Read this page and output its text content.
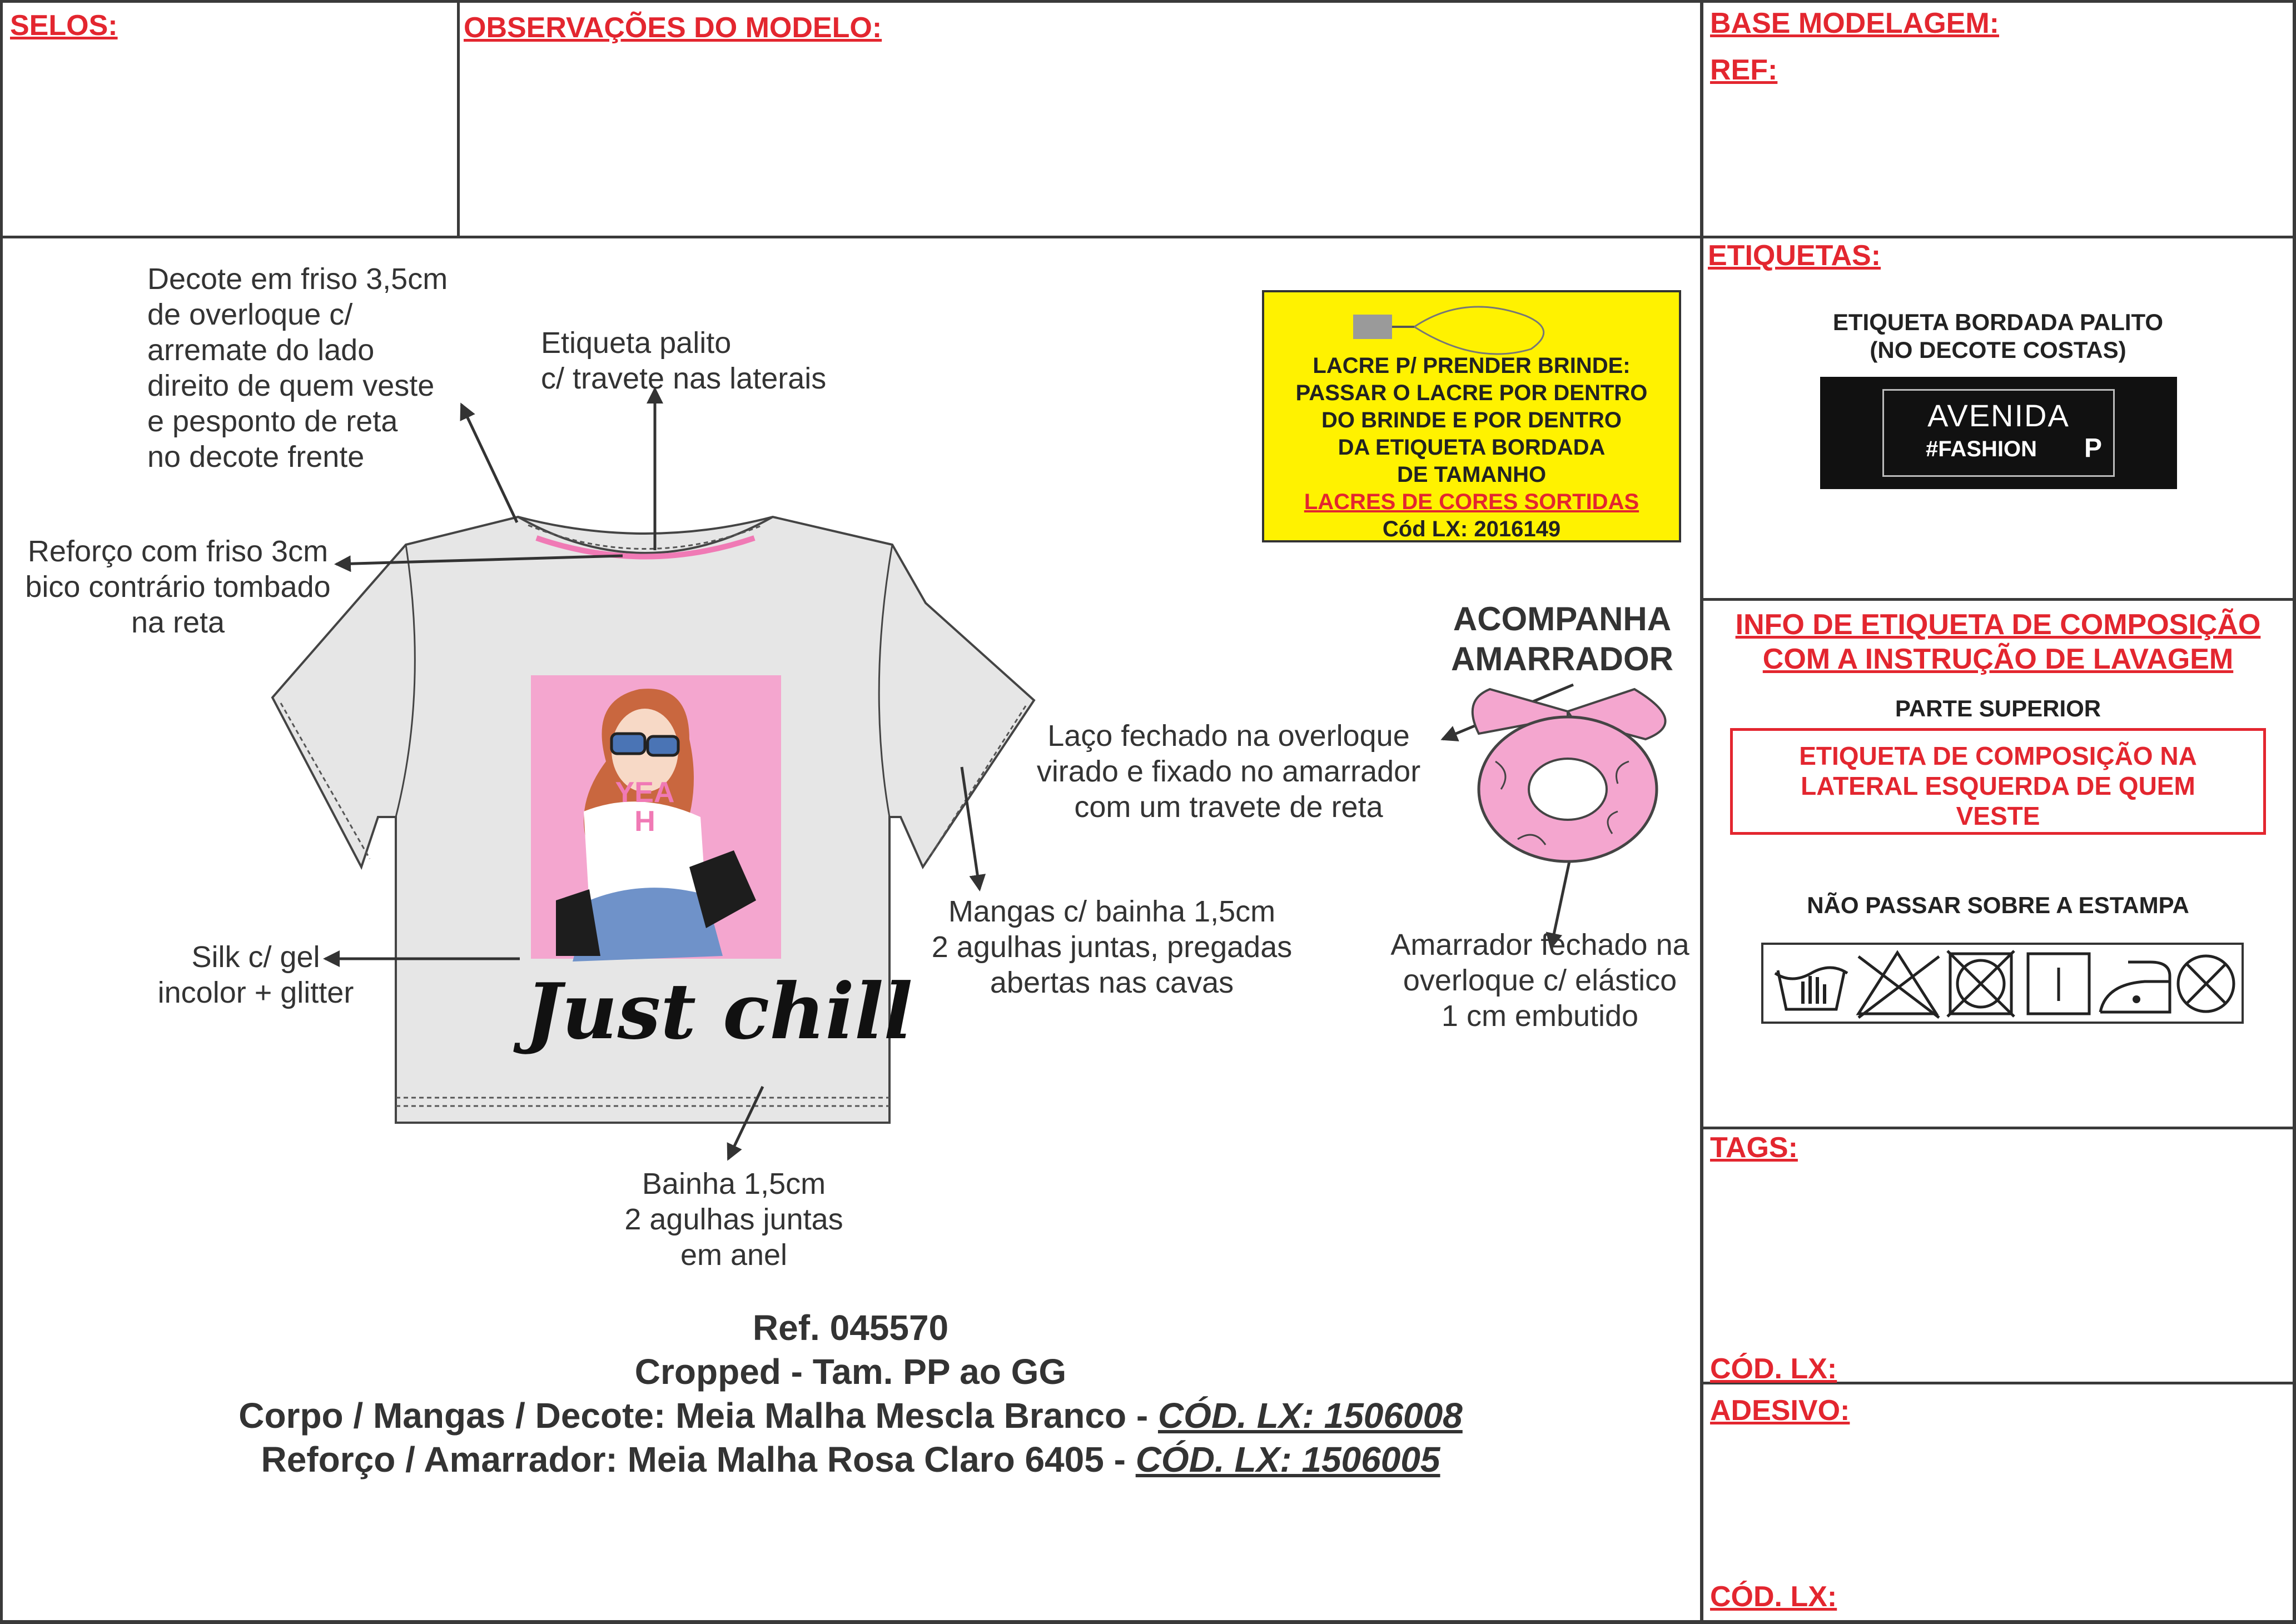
SELOS:	OBSERVAÇÕES DO MODELO:	BASE MODELAGEM:
REF:
YEAH
Just chill
Decote em friso 3,5cm
de overloque c/
arremate do lado
direito de quem veste
e pesponto de reta
no decote frente
Etiqueta palito
c/ travete nas laterais
Reforço com friso 3cm
bico contrário tombado
na reta
Silk c/ gel
incolor + glitter
Mangas c/ bainha 1,5cm
2 agulhas juntas, pregadas
abertas nas cavas
Bainha 1,5cm
2 agulhas juntas
em anel
Laço fechado na overloque
virado e fixado no amarrador
com um travete de reta
Amarrador fechado na
overloque c/ elástico
1 cm embutido
LACRE P/ PRENDER BRINDE:
PASSAR O LACRE POR DENTRO
DO BRINDE E POR DENTRO
DA ETIQUETA BORDADA
DE TAMANHO
LACRES DE CORES SORTIDAS
Cód LX: 2016149
ACOMPANHA
AMARRADOR
Ref. 045570
Cropped - Tam. PP ao GG
Corpo / Mangas / Decote: Meia Malha Mescla Branco - CÓD. LX: 1506008
Reforço / Amarrador: Meia Malha Rosa Claro 6405 - CÓD. LX: 1506005
ETIQUETAS:
ETIQUETA BORDADA PALITO
(NO DECOTE COSTAS)
AVENIDA
#FASHION	P
INFO DE ETIQUETA DE COMPOSIÇÃO
COM A INSTRUÇÃO DE LAVAGEM
PARTE SUPERIOR
ETIQUETA DE COMPOSIÇÃO NA
LATERAL ESQUERDA DE QUEM
VESTE
NÃO PASSAR SOBRE A ESTAMPA
TAGS:
CÓD. LX:
ADESIVO:
CÓD. LX:
